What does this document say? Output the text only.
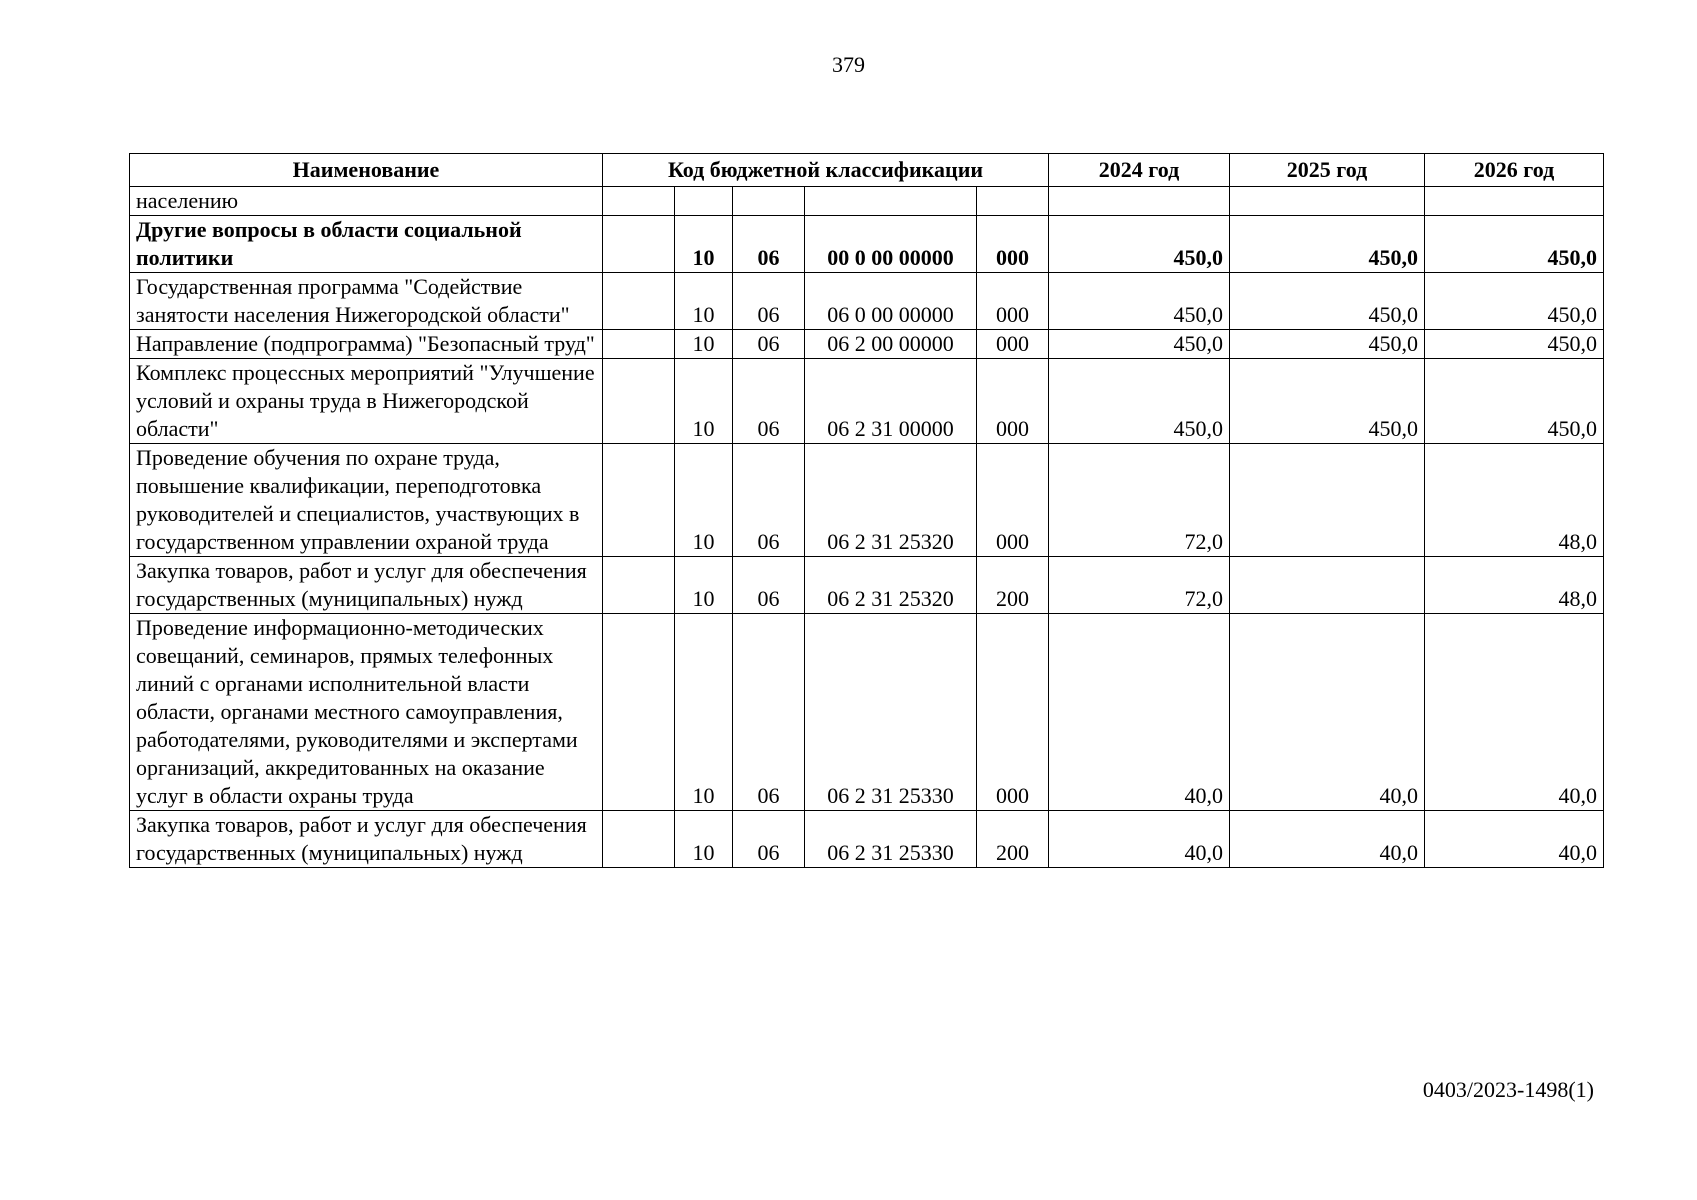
379
Наименование	Код бюджетной классификации					2024 год	2025 год	2026 год
населению								
Другие вопросы в области социальной политики		10	06	00 0 00 00000	000	450,0	450,0	450,0
Государственная программа "Содействие занятости населения Нижегородской области"		10	06	06 0 00 00000	000	450,0	450,0	450,0
Направление (подпрограмма) "Безопасный труд"		10	06	06 2 00 00000	000	450,0	450,0	450,0
Комплекс процессных мероприятий "Улучшение условий и охраны труда в Нижегородской области"		10	06	06 2 31 00000	000	450,0	450,0	450,0
Проведение обучения по охране труда, повышение квалификации, переподготовка руководителей и специалистов, участвующих в государственном управлении охраной труда		10	06	06 2 31 25320	000	72,0		48,0
Закупка товаров, работ и услуг для обеспечения государственных (муниципальных) нужд		10	06	06 2 31 25320	200	72,0		48,0
Проведение информационно-методических совещаний, семинаров, прямых телефонных линий с органами исполнительной власти области, органами местного самоуправления, работодателями, руководителями и экспертами организаций, аккредитованных на оказание услуг в области охраны труда		10	06	06 2 31 25330	000	40,0	40,0	40,0
Закупка товаров, работ и услуг для обеспечения государственных (муниципальных) нужд		10	06	06 2 31 25330	200	40,0	40,0	40,0
0403/2023-1498(1)
